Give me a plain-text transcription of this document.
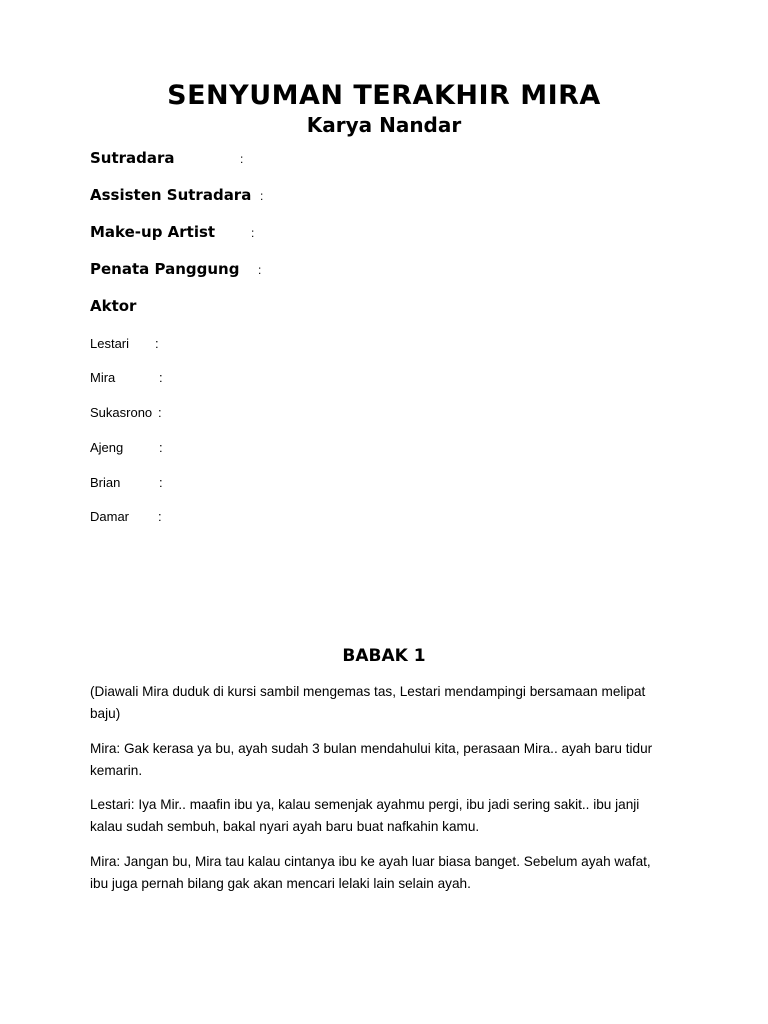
SENYUMAN TERAKHIR MIRA
Karya Nandar
Sutradara	:
Assisten Sutradara :
Make-up Artist	:
Penata Panggung :
Aktor
Lestari :
Mira	:
Sukasrono :
Ajeng	:
Brian	:
Damar :
BABAK 1

(Diawali Mira duduk di kursi sambil mengemas tas, Lestari mendampingi bersamaan melipat baju)

Mira: Gak kerasa ya bu, ayah sudah 3 bulan mendahului kita, perasaan Mira.. ayah baru tidur kemarin.

Lestari: Iya Mir.. maafin ibu ya, kalau semenjak ayahmu pergi, ibu jadi sering sakit.. ibu janji kalau sudah sembuh, bakal nyari ayah baru buat nafkahin kamu.

Mira: Jangan bu, Mira tau kalau cintanya ibu ke ayah luar biasa banget. Sebelum ayah wafat, ibu juga pernah bilang gak akan mencari lelaki lain selain ayah.
